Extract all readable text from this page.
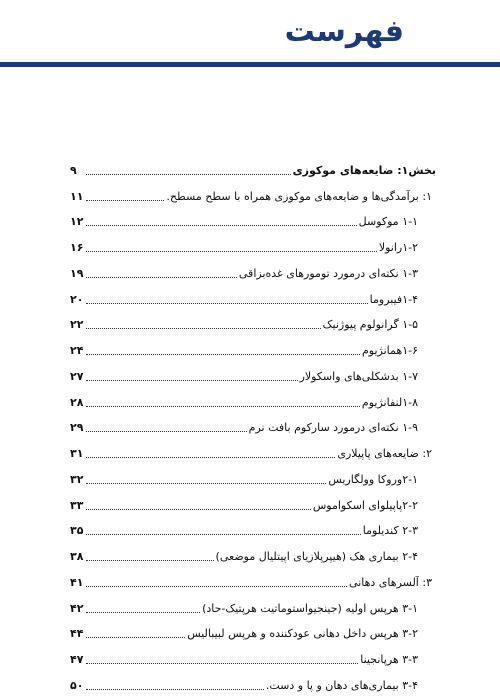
فهرست
بخش۱: ضایعه‌های موکوزی
۹
۱: برآمدگی‌ها و ضایعه‌های موکوزی همراه با سطح مسطح.
۱۱
۱-۱ موکوسل
۱۲
۱-۲رانولا
۱۶
۱-۳ نکته‌ای درمورد تومورهای غده‌بزاقی
۱۹
۱-۴فیبروما
۲۰
۱-۵ گرانولوم پیوژنیک
۲۲
۱-۶همانژیوم
۲۴
۱-۷ بدشکلی‌های واسکولار
۲۷
۱-۸لنفانژیوم
۲۸
۱-۹ نکته‌ای درمورد سارکوم بافت نرم
۲۹
۲: ضایعه‌های پاپیلاری
۳۱
۲-۱وروکا وولگاریس
۳۲
۲-۲پاپیلوای اسکواموس
۳۳
۲-۳ کندیلوما
۳۵
۲-۴ بیماری هک (هیپرپلازیای اپیتلیال موضعی)
۳۸
۳: آلسرهای دهانی
۴۱
۳-۱ هرپس اولیه (جینجیواستوماتیت هرپتیک-حاد)
۴۲
۳-۲ هرپس داخل دهانی عودکننده و هرپس لبیبالیس
۴۴
۳-۳ هرپانجینا
۴۷
۳-۴ بیماری‌های دهان و پا و دست.
۵۰
